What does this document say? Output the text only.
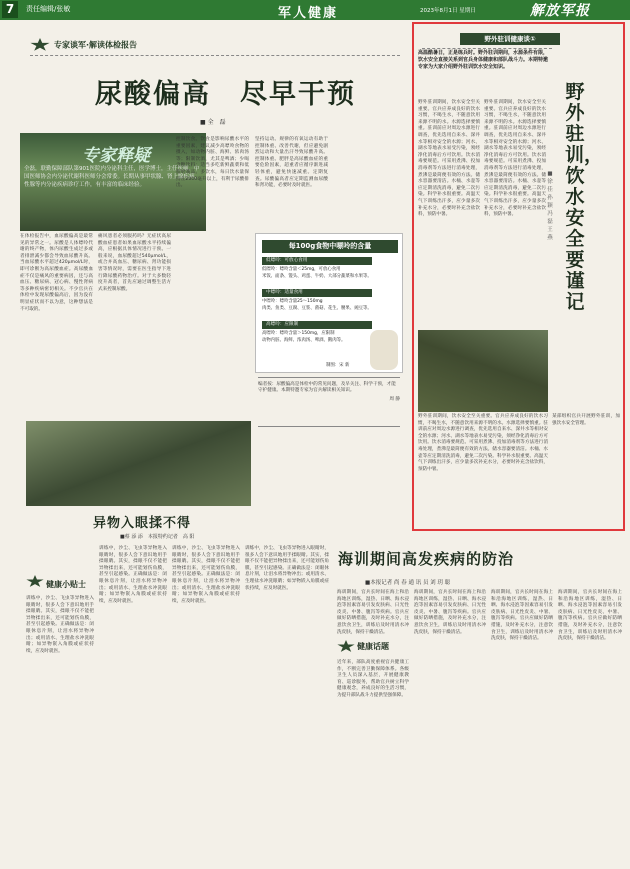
7	责任编辑/张敏	军人健康	2023年8月1日 星期日	解放军报
专家谈军·解读体检报告
尿酸偏高　尽早干预
■ 全　磊
专家释疑
全磊，联勤保障部队第901医院内分泌科主任，医学博士，主任医师，中国医师协会内分泌代谢科医师分会常委。长期从事甲状腺、肾上腺疾病、性腺等内分泌疾病诊疗工作，有丰富的临床经验。

在体检报告中，血尿酸偏高是最常见的异常之一。尿酸是人体嘌呤代谢的终产物，体内尿酸生成过多或者排泄减少都会导致血尿酸升高。当血尿酸水平超过420μmol/L时，即可诊断为高尿酸血症。高尿酸血症不仅是痛风的重要病因，还与高血压、糖尿病、冠心病、慢性肾病等多种疾病密切相关。不少官兵在体检中发现尿酸偏高后，因为没有明显症状而不以为意，这种想法是不可取的。

痛风患者必须服药吗？无症状高尿酸血症患者如果血尿酸水平持续偏高，应根据具体情况进行干预。一般来说，血尿酸超过540μmol/L，或合并高血压、糖尿病、肾功能损害等情况时，需要在医生指导下进行降尿酸药物治疗。对于大多数轻度升高者，首先应通过调整生活方式来控制尿酸。

控制饮食。饮食是影响尿酸水平的重要因素，建议减少高嘌呤食物的摄入，如动物内脏、海鲜、浓肉汤等；限制饮酒，尤其是啤酒；少喝含糖饮料；适当多吃新鲜蔬菜和低脂奶制品。多饮水，每日饮水量保持在2000毫升以上，有利于尿酸排出。

坚持运动。规律的有氧运动有助于控制体重、改善代谢，但应避免剧烈运动和大量出汗导致尿酸升高。控制体重。肥胖是高尿酸血症的重要危险因素，超重者应循序渐进减轻体重，避免快速减重。定期复查。尿酸偏高者应定期监测血尿酸和肾功能，必要时及时就医。

每100g食物中嘌呤的含量
低嘌呤：可放心食用
低嘌呤：嘌呤含量＜25mg，可放心食用
米饭、面条、馒头、鸡蛋、牛奶、大部分蔬菜和水果等。
中嘌呤：适量食用
中嘌呤：嘌呤含量25～150mg
肉类、鱼类、豆腐、豆浆、菌菇、花生、腰果、豌豆等。
高嘌呤：应限制
高嘌呤：嘌呤含量＞150mg，应限制
动物内脏、海鲜、浓肉汤、啤酒、鹅肉等。
制图：宋 新
编者按：尿酸偏高是体检中的常见问题，及早关注、科学干预，才能守护健康。本期特邀专家为官兵解读相关知识。
周 静
野外驻训健康谈①
高温酷暑日，正是练兵时。野外驻训期间，水源条件有限，饮水安全直接关系到官兵身体健康和部队战斗力。本期特邀专家为大家介绍野外驻训饮水安全知识。
野外驻训，饮水安全要谨记
■ 徐 佳 孙 颖 冯 磊 王 燕

野外驻训期间，饮水安全至关重要。官兵应养成良好的饮水习惯，不喝生水，不随意饮用来源不明的水。水源选择要慎重。驻训前应对周边水源进行调查，优先选用自来水、深井水等相对安全的水源；河水、湖水等地表水易受污染，须经净化消毒后方可饮用。饮水消毒要规范。可采用煮沸、投加消毒剂等方法进行消毒处理，煮沸是最简便有效的方法。储水容器要清洁。水桶、水壶等应定期清洗消毒，避免二次污染。科学补水很重要。高温天气下训练出汗多，应少量多次补充水分，必要时补充含盐饮料，预防中暑。

野外驻训期间，饮水安全至关重要。官兵应养成良好的饮水习惯，不喝生水，不随意饮用来源不明的水。水源选择要慎重。驻训前应对周边水源进行调查，优先选用自来水、深井水等相对安全的水源；河水、湖水等地表水易受污染，须经净化消毒后方可饮用。饮水消毒要规范。可采用煮沸、投加消毒剂等方法进行消毒处理，煮沸是最简便有效的方法。储水容器要清洁。水桶、水壶等应定期清洗消毒，避免二次污染。科学补水很重要。高温天气下训练出汗多，应少量多次补充水分，必要时补充含盐饮料，预防中暑。

野外驻训期间，饮水安全至关重要。官兵应养成良好的饮水习惯，不喝生水，不随意饮用来源不明的水。水源选择要慎重。驻训前应对周边水源进行调查，优先选用自来水、深井水等相对安全的水源；河水、湖水等地表水易受污染，须经净化消毒后方可饮用。饮水消毒要规范。可采用煮沸、投加消毒剂等方法进行消毒处理，煮沸是最简便有效的方法。储水容器要清洁。水桶、水壶等应定期清洗消毒，避免二次污染。科学补水很重要。高温天气下训练出汗多，应少量多次补充水分，必要时补充含盐饮料，预防中暑。

某部组织官兵开展野外驻训，加强饮水安全管理。

海训期间高发疾病的防治
■本报记者 尚 春 通 讯 员 刘 玥 聪

海训期间，官兵长时间在海上和沿海地区训练，湿热、日晒、海水浸泡等因素容易引发皮肤病、日光性皮炎、中暑、腹泻等疾病。官兵应做好防晒措施，及时补充水分，注意饮食卫生，训练后及时用清水冲洗皮肤，保持干燥清洁。

海训期间，官兵长时间在海上和沿海地区训练，湿热、日晒、海水浸泡等因素容易引发皮肤病、日光性皮炎、中暑、腹泻等疾病。官兵应做好防晒措施，及时补充水分，注意饮食卫生，训练后及时用清水冲洗皮肤，保持干燥清洁。

海训期间，官兵长时间在海上和沿海地区训练，湿热、日晒、海水浸泡等因素容易引发皮肤病、日光性皮炎、中暑、腹泻等疾病。官兵应做好防晒措施，及时补充水分，注意饮食卫生，训练后及时用清水冲洗皮肤，保持干燥清洁。

海训期间，官兵长时间在海上和沿海地区训练，湿热、日晒、海水浸泡等因素容易引发皮肤病、日光性皮炎、中暑、腹泻等疾病。官兵应做好防晒措施，及时补充水分，注意饮食卫生，训练后及时用清水冲洗皮肤，保持干燥清洁。

异物入眼揉不得
■蔡 添 添　本报特约记者　高 阳
健康小贴士

训练中，沙尘、飞虫等异物进入眼睛时，很多人会下意识地用手揉眼睛。其实，揉眼不仅不能把异物揉出来，还可能划伤角膜，甚至引起感染。正确做法是：闭眼休息片刻，让泪水将异物冲出；或用清水、生理盐水冲洗眼睛；如异物嵌入角膜或症状持续，应及时就医。

训练中，沙尘、飞虫等异物进入眼睛时，很多人会下意识地用手揉眼睛。其实，揉眼不仅不能把异物揉出来，还可能划伤角膜，甚至引起感染。正确做法是：闭眼休息片刻，让泪水将异物冲出；或用清水、生理盐水冲洗眼睛；如异物嵌入角膜或症状持续，应及时就医。

训练中，沙尘、飞虫等异物进入眼睛时，很多人会下意识地用手揉眼睛。其实，揉眼不仅不能把异物揉出来，还可能划伤角膜，甚至引起感染。正确做法是：闭眼休息片刻，让泪水将异物冲出；或用清水、生理盐水冲洗眼睛；如异物嵌入角膜或症状持续，应及时就医。

训练中，沙尘、飞虫等异物进入眼睛时，很多人会下意识地用手揉眼睛。其实，揉眼不仅不能把异物揉出来，还可能划伤角膜，甚至引起感染。正确做法是：闭眼休息片刻，让泪水将异物冲出；或用清水、生理盐水冲洗眼睛；如异物嵌入角膜或症状持续，应及时就医。

健康话题

近年来，部队高度重视官兵健康工作，不断完善卫勤保障体系。各级卫生人员深入基层，开展健康教育、巡诊服务，帮助官兵树立科学健康观念，养成良好的生活习惯，为提升部队战斗力提供坚强保障。
